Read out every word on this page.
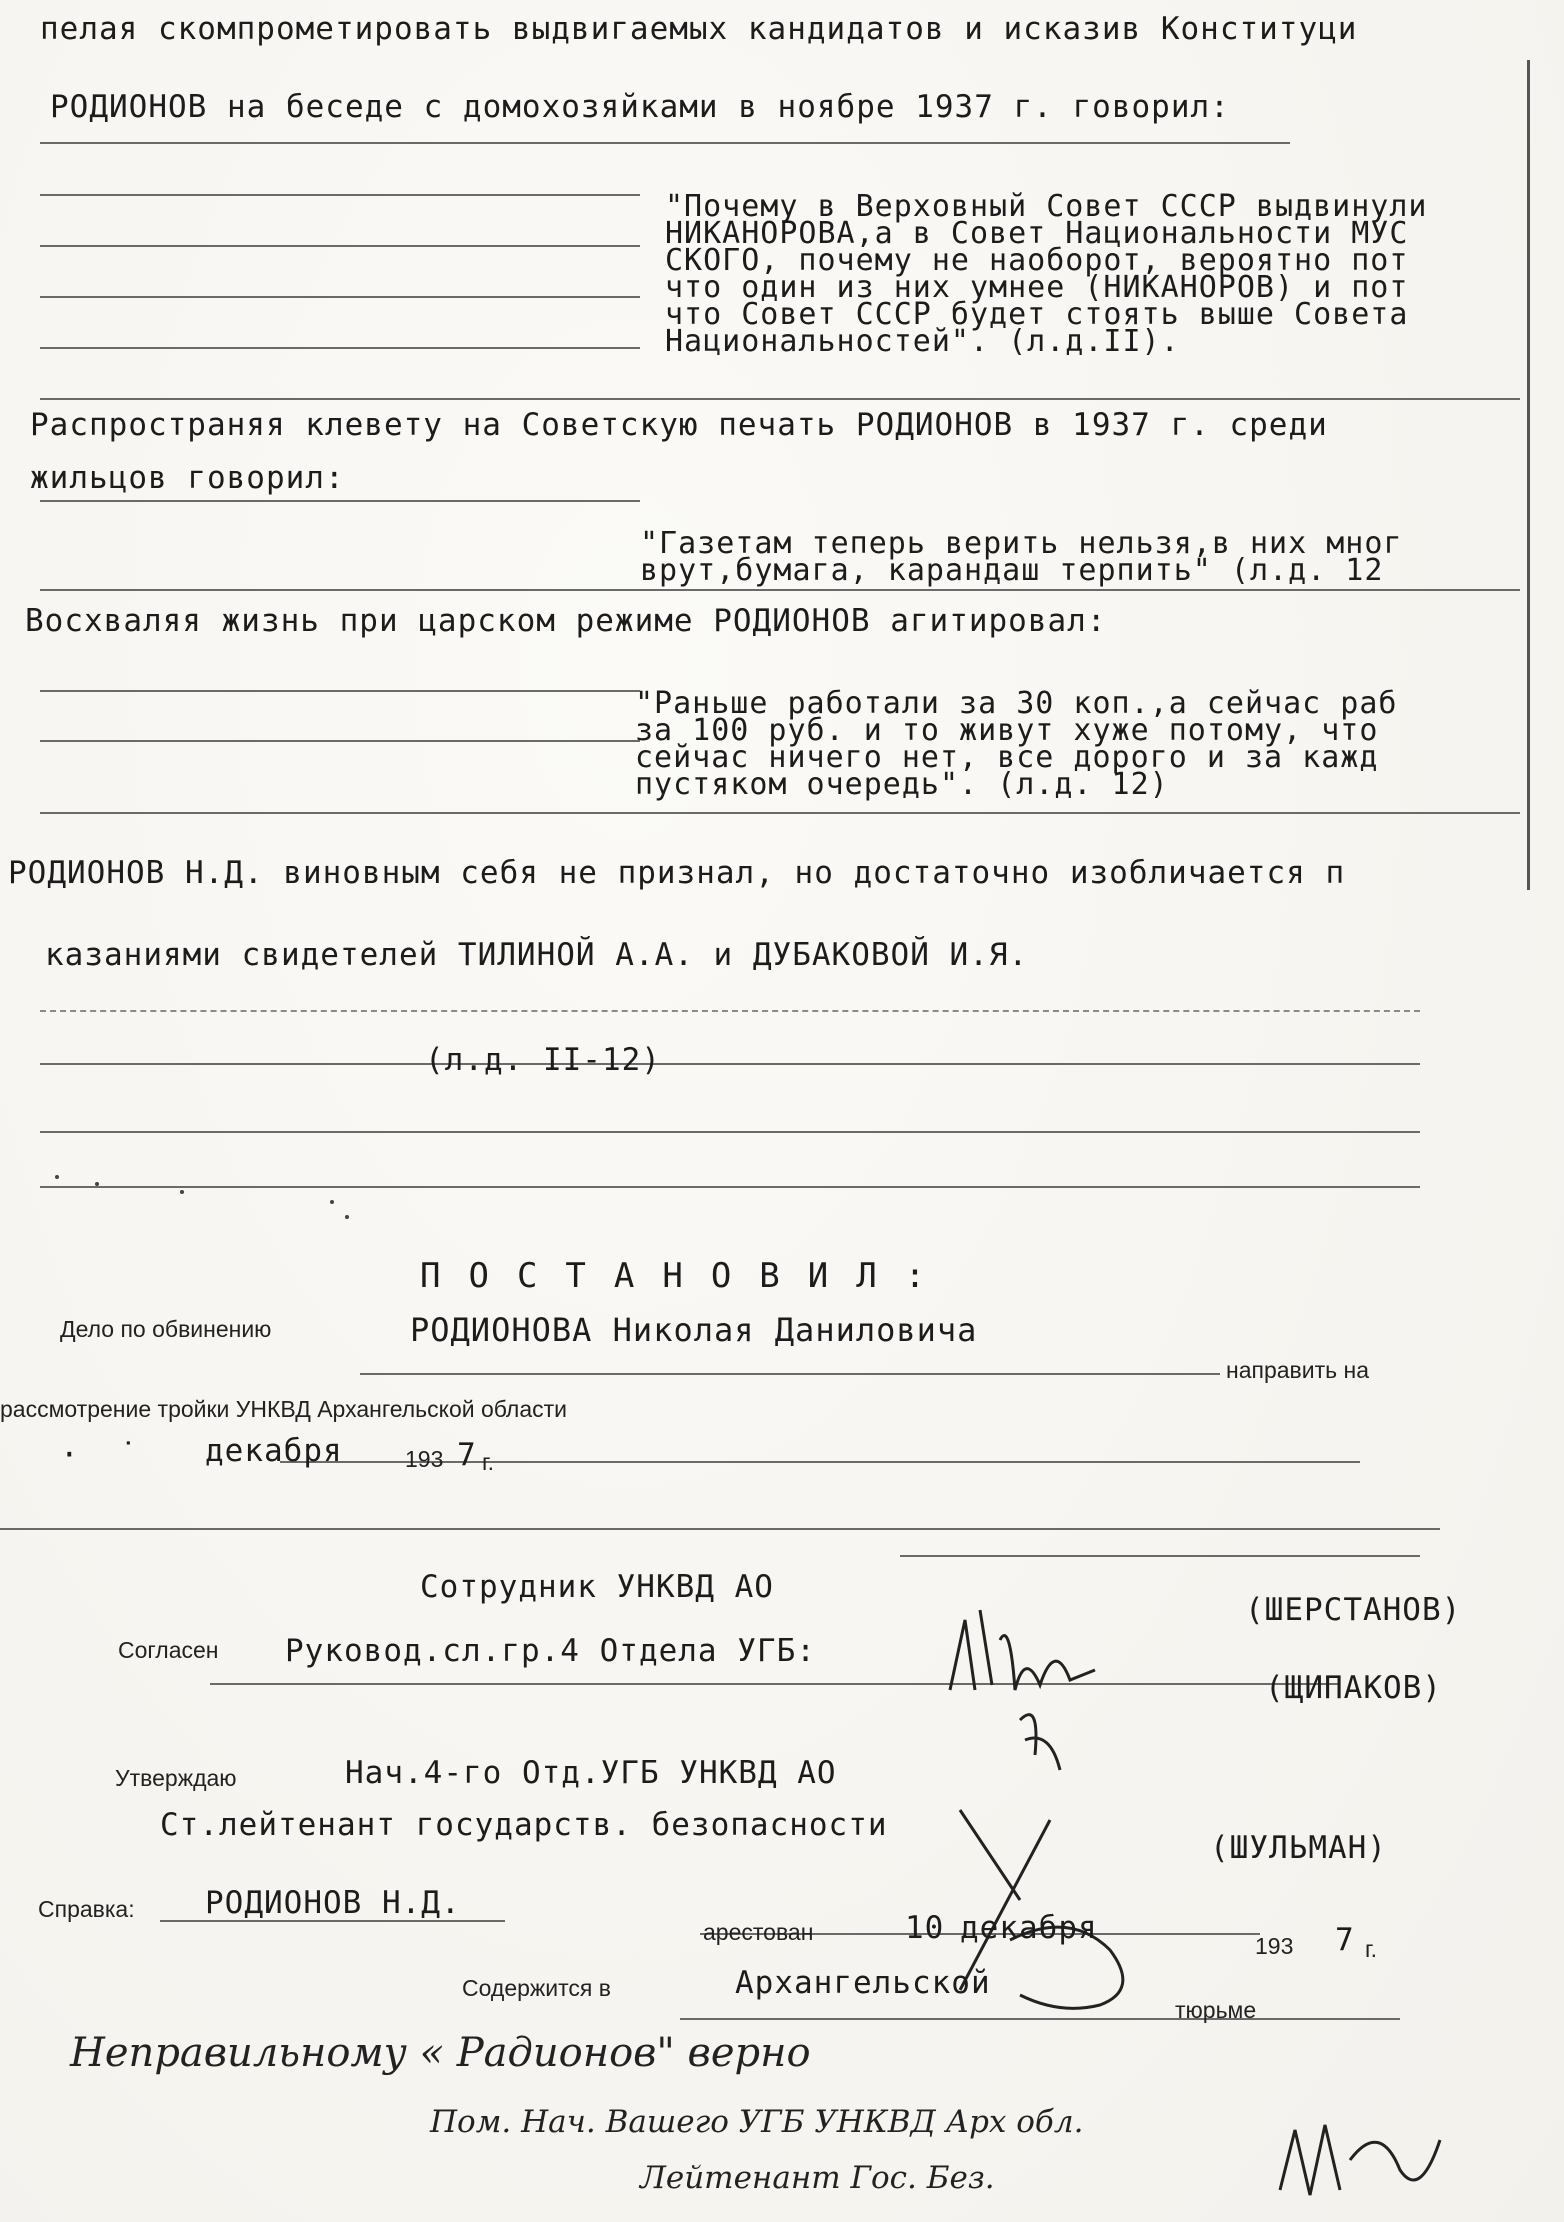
пелая скомпрометировать выдвигаемых кандидатов и исказив Конституци
РОДИОНОВ на беседе с домохозяйками в ноябре 1937 г. говорил:
"Почему в Верховный Совет СССР выдвинули
НИКАНОРОВА,а в Совет Национальности МУС
СКОГО, почему не наоборот, вероятно пот
что один из них умнее (НИКАНОРОВ) и пот
что Совет СССР будет стоять выше Совета
Национальностей". (л.д.II).
Распространяя клевету на Советскую печать РОДИОНОВ в 1937 г. среди
жильцов говорил:
"Газетам теперь верить нельзя,в них мног
врут,бумага, карандаш терпить" (л.д. 12
Восхваляя жизнь при царском режиме РОДИОНОВ агитировал:
"Раньше работали за 30 коп.,а сейчас раб
за 100 руб. и то живут хуже потому, что
сейчас ничего нет, все дорого и за кажд
пустяком очередь". (л.д. 12)
РОДИОНОВ Н.Д. виновным себя не признал, но достаточно изобличается п
казаниями свидетелей ТИЛИНОЙ А.А. и ДУБАКОВОЙ И.Я.
(л.д. II-12)
ПОСТАНОВИЛ:
Дело по обвинению	РОДИОНОВА Николая Даниловича
направить на
рассмотрение тройки УНКВД Архангельской области
·  ˙ декабря	193 7 г.
Сотрудник УНКВД АО
(ШЕРСТАНОВ)
Согласен Руковод.сл.гр.4 Отдела УГБ:
(ЩИПАКОВ)
Утверждаю	Нач.4-го Отд.УГБ УНКВД АО
Ст.лейтенант государств. безопасности
(ШУЛЬМАН)
Справка: РОДИОНОВ Н.Д.
арестован	10 декабря	193 7 г.
Содержится в	Архангельской
тюрьме
Неправильному « Радионов" верно
Пом. Нач. Вашего УГБ УНКВД Арх обл.
Лейтенант Гос. Без.
